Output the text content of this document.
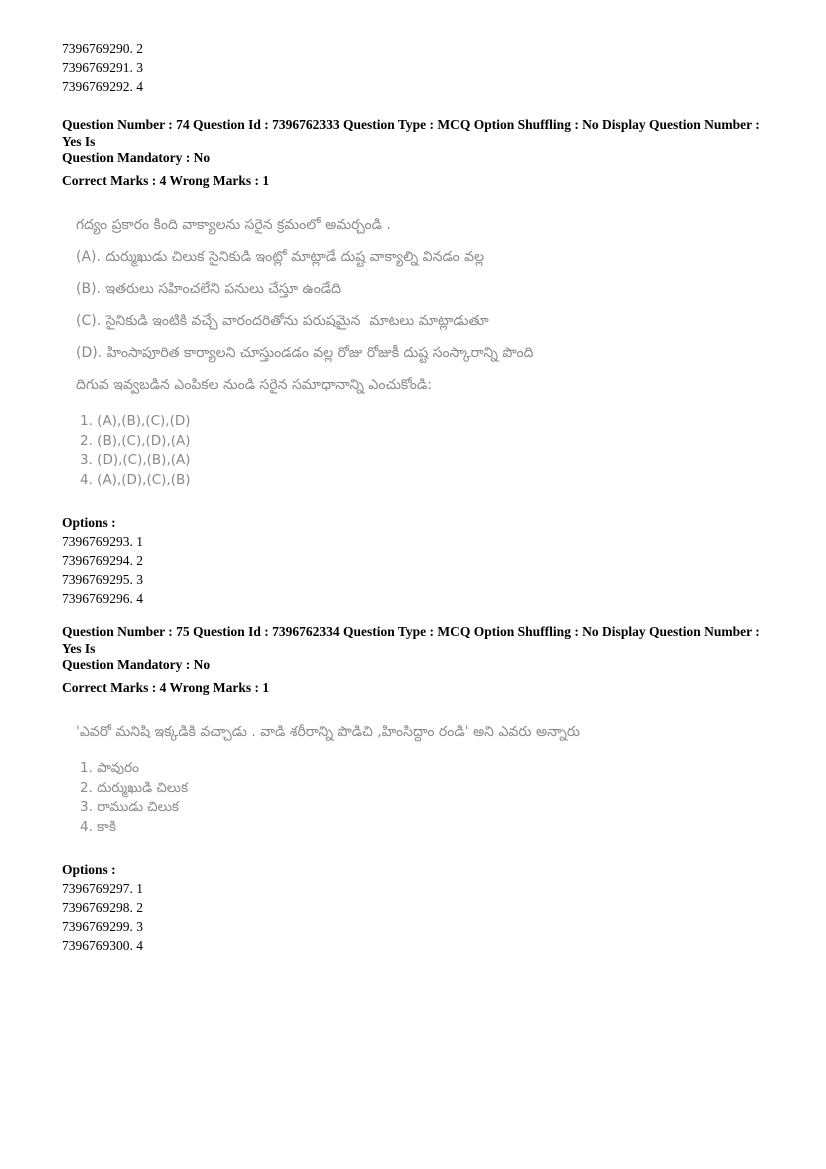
7396769290. 2
7396769291. 3
7396769292. 4
Question Number : 74 Question Id : 7396762333 Question Type : MCQ Option Shuffling : No Display Question Number : Yes Is
Question Mandatory : No
Correct Marks : 4 Wrong Marks : 1
గద్యం ప్రకారం కింది వాక్యాలను సరైన క్రమంలో అమర్చండి .
(A). దుర్ముఖుడు చిలుక సైనికుడి ఇంట్లో మాట్లాడే దుష్ట వాక్యాల్ని వినడం వల్ల
(B). ఇతరులు సహించలేని పనులు చేస్తూ ఉండేది
(C). సైనికుడి ఇంటికి వచ్చే వారందరితోను పరుషమైన  మాటలు మాట్లాడుతూ
(D). హింసాపూరిత కార్యాలని చూస్తుండడం వల్ల రోజు రోజుకీ దుష్ట సంస్కారాన్ని పొంది
దిగువ ఇవ్వబడిన ఎంపికల నుండి సరైన సమాధానాన్ని ఎంచుకోండి:
1. (A),(B),(C),(D)
2. (B),(C),(D),(A)
3. (D),(C),(B),(A)
4. (A),(D),(C),(B)
Options :
7396769293. 1
7396769294. 2
7396769295. 3
7396769296. 4
Question Number : 75 Question Id : 7396762334 Question Type : MCQ Option Shuffling : No Display Question Number : Yes Is
Question Mandatory : No
Correct Marks : 4 Wrong Marks : 1
'ఎవరో మనిషి ఇక్కడికి వచ్చాడు . వాడి శరీరాన్ని పొడిచి ,హింసిద్దాం రండి' అని ఎవరు అన్నారు
1. పావురం
2. దుర్ముఖుడి చిలుక
3. రాముడు చిలుక
4. కాకి
Options :
7396769297. 1
7396769298. 2
7396769299. 3
7396769300. 4
